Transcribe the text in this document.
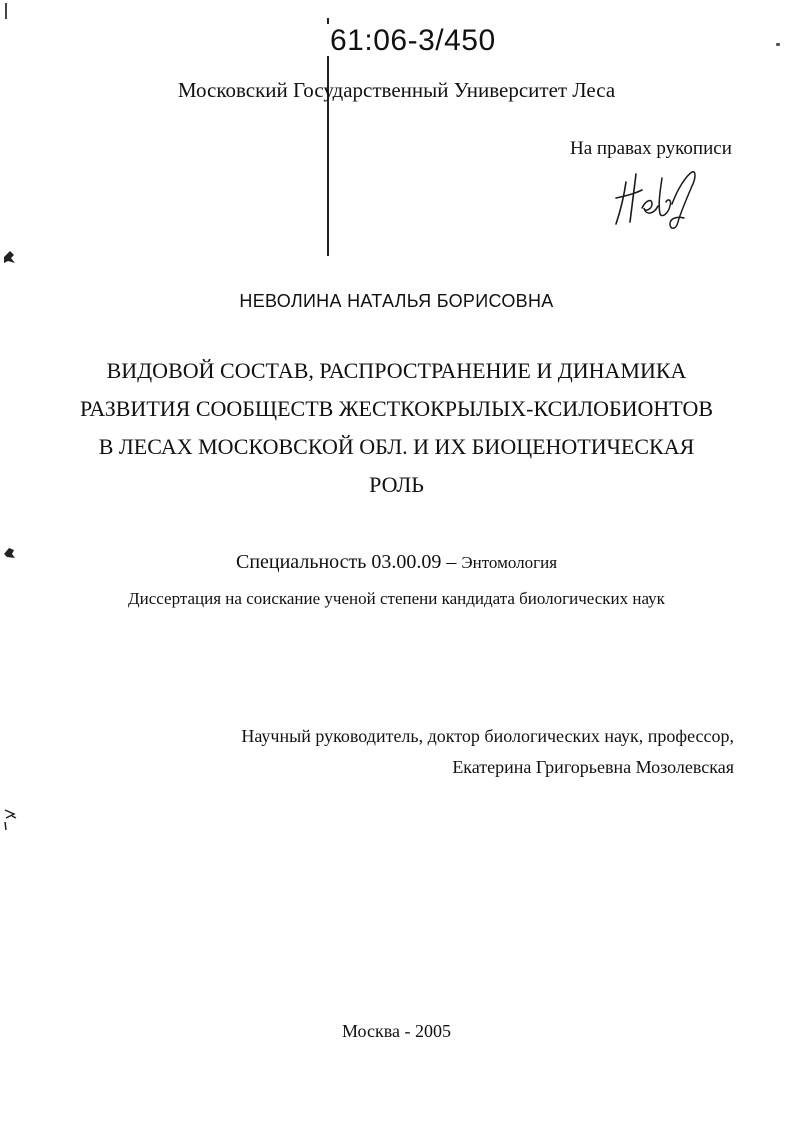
61:06-3/450
Московский Государственный Университет Леса
На правах рукописи
НЕВОЛИНА НАТАЛЬЯ БОРИСОВНА
ВИДОВОЙ СОСТАВ, РАСПРОСТРАНЕНИЕ И ДИНАМИКА
РАЗВИТИЯ СООБЩЕСТВ ЖЕСТКОКРЫЛЫХ-КСИЛОБИОНТОВ
В ЛЕСАХ МОСКОВСКОЙ ОБЛ. И ИХ БИОЦЕНОТИЧЕСКАЯ
РОЛЬ
Специальность 03.00.09 – Энтомология
Диссертация на соискание ученой степени кандидата биологических наук
Научный руководитель, доктор биологических наук, профессор,
Екатерина Григорьевна Мозолевская
Москва - 2005
